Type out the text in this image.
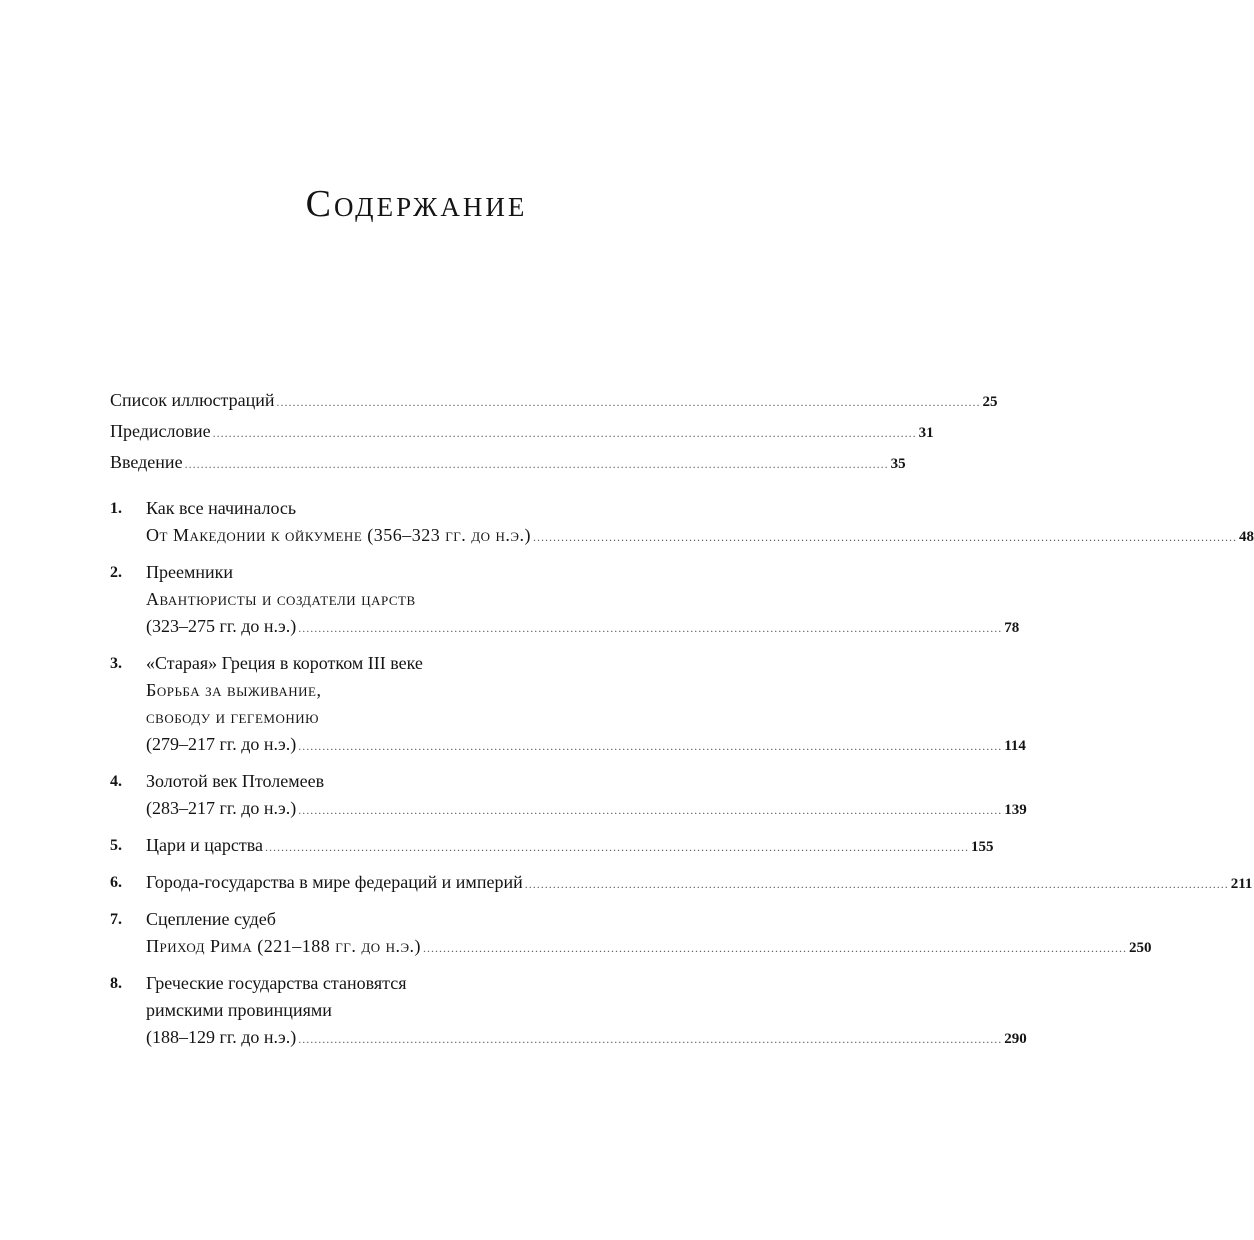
Содержание
Список иллюстраций .....	25
Предисловие .....	31
Введение .....	35
1.	Как все начиналось
От Македонии к ойкумене (356–323 гг. до н.э.) .....	48
2.	Преемники
Авантюристы и создатели царств
(323–275 гг. до н.э.) .....	78
3.	«Старая» Греция в коротком III веке
Борьба за выживание,
свободу и гегемонию
(279–217 гг. до н.э.) .....	114
4.	Золотой век Птолемеев
(283–217 гг. до н.э.) .....	139
5.	Цари и царства .....	155
6.	Города-государства в мире федераций и империй .....	211
7.	Сцепление судеб
Приход Рима (221–188 гг. до н.э.) .....	250
8.	Греческие государства становятся
римскими провинциями
(188–129 гг. до н.э.) .....	290
